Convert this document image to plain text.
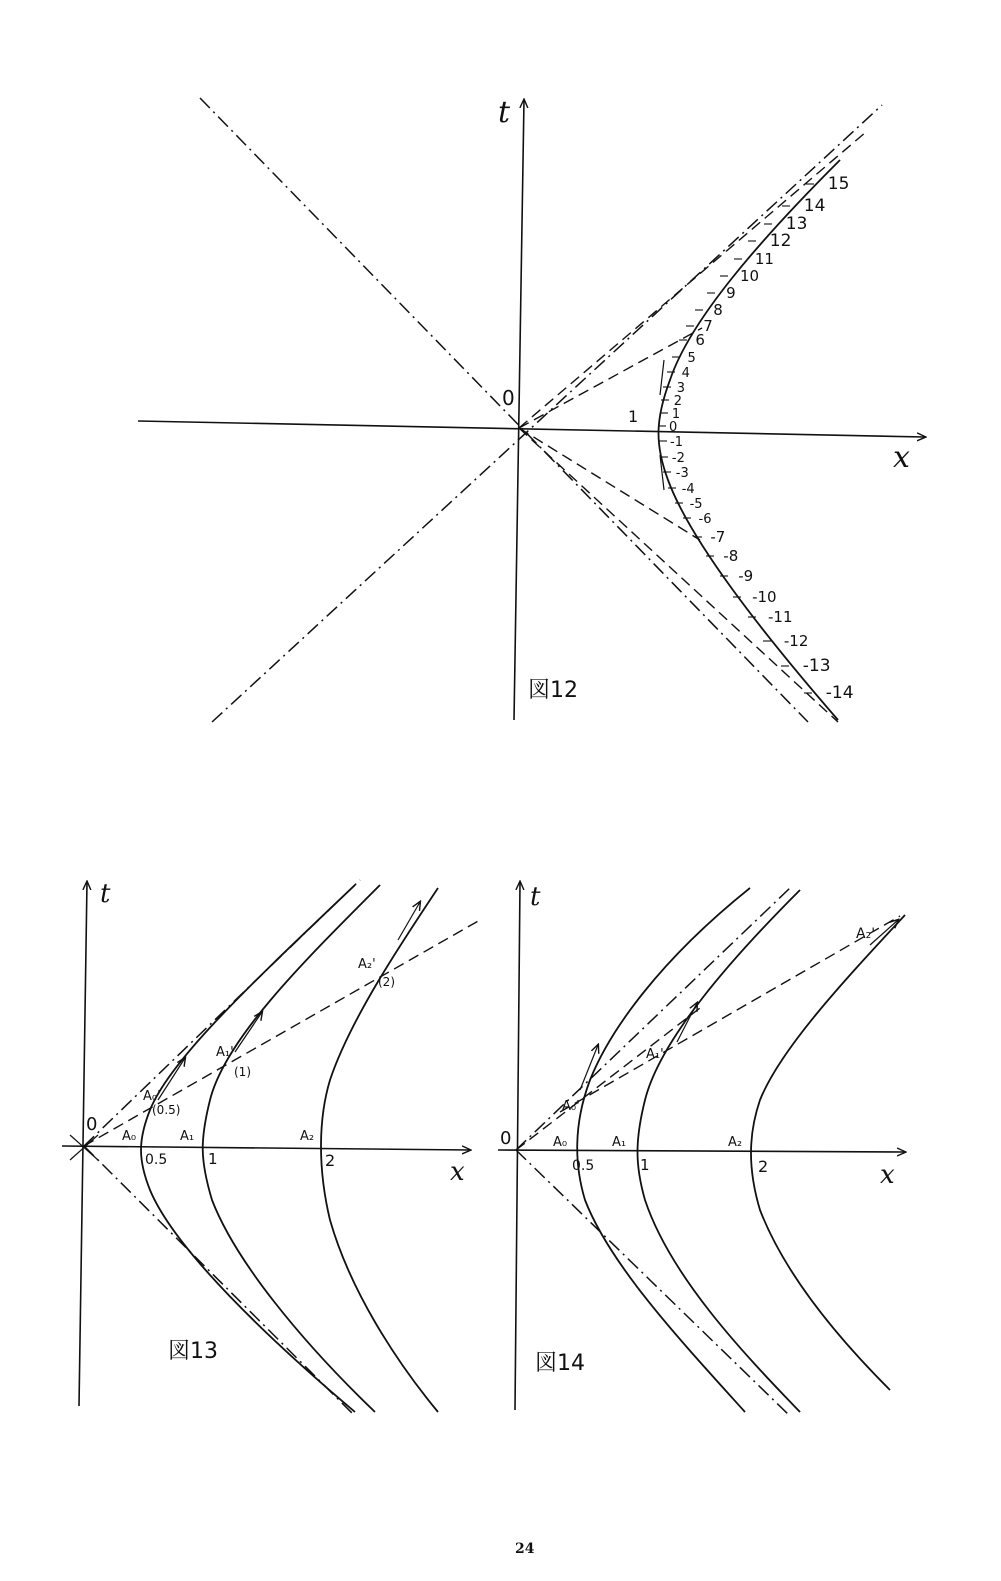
0
1
2
3
4
5
6
7
8
9
10
11
12
13
14
15
-1
-2
-3
-4
-5
-6
-7
-8
-9
-10
-11
-12
-13
-14
t
x
0
1
図12
t
x
0
0.5	1	2
A₀	A₁	A₂
A₀'
(0.5)
A₁'
(1)
A₂'
(2)
図13
t
x
0
0.5	1	2
A₀	A₁	A₂
A₀'
A₁'
A₂'
図14
24
